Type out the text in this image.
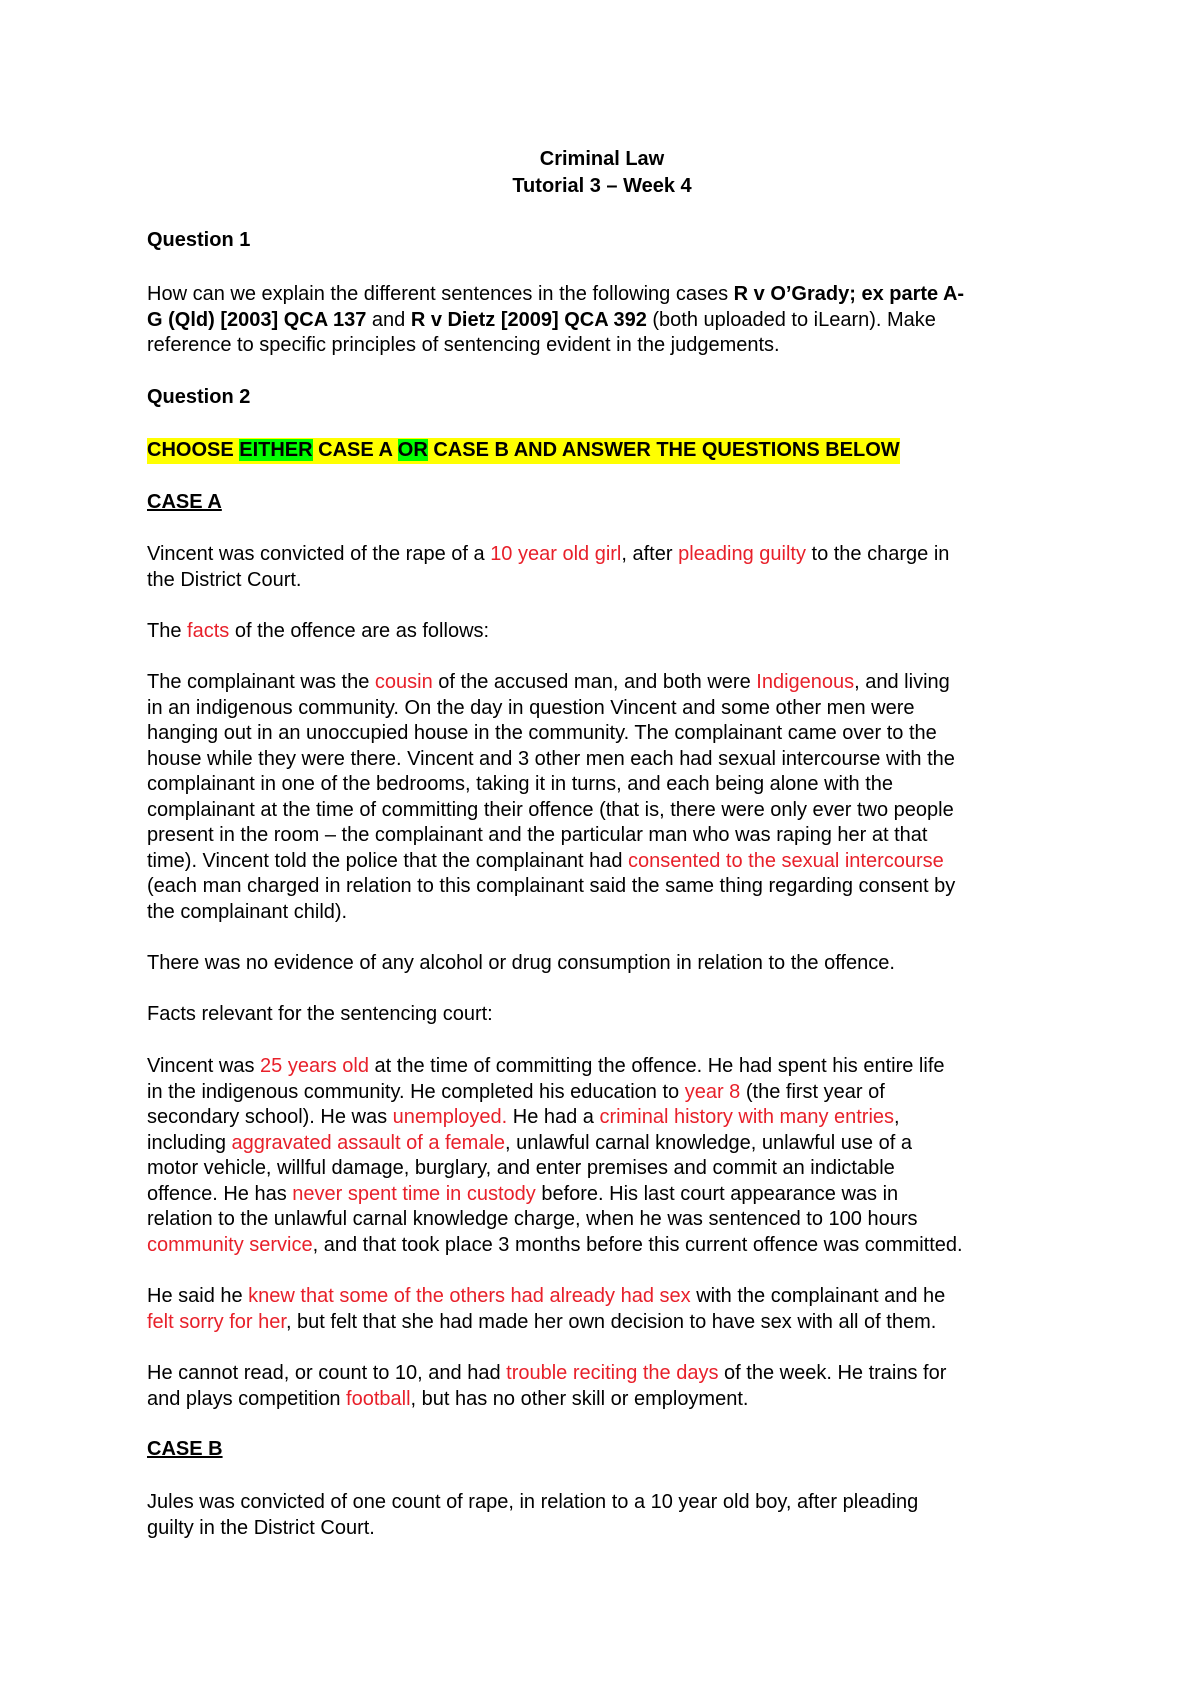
Criminal Law
Tutorial 3 – Week 4
Question 1
How can we explain the different sentences in the following cases R v O’Grady; ex parte A-
G (Qld) [2003] QCA 137 and R v Dietz [2009] QCA 392 (both uploaded to iLearn). Make
reference to specific principles of sentencing evident in the judgements.
Question 2
CHOOSE EITHER CASE A OR CASE B AND ANSWER THE QUESTIONS BELOW
CASE A
Vincent was convicted of the rape of a 10 year old girl, after pleading guilty to the charge in
the District Court.
The facts of the offence are as follows:
The complainant was the cousin of the accused man, and both were Indigenous, and living
in an indigenous community. On the day in question Vincent and some other men were
hanging out in an unoccupied house in the community. The complainant came over to the
house while they were there. Vincent and 3 other men each had sexual intercourse with the
complainant in one of the bedrooms, taking it in turns, and each being alone with the
complainant at the time of committing their offence (that is, there were only ever two people
present in the room – the complainant and the particular man who was raping her at that
time). Vincent told the police that the complainant had consented to the sexual intercourse
(each man charged in relation to this complainant said the same thing regarding consent by
the complainant child).
There was no evidence of any alcohol or drug consumption in relation to the offence.
Facts relevant for the sentencing court:
Vincent was 25 years old at the time of committing the offence. He had spent his entire life
in the indigenous community. He completed his education to year 8 (the first year of
secondary school). He was unemployed. He had a criminal history with many entries,
including aggravated assault of a female, unlawful carnal knowledge, unlawful use of a
motor vehicle, willful damage, burglary, and enter premises and commit an indictable
offence. He has never spent time in custody before. His last court appearance was in
relation to the unlawful carnal knowledge charge, when he was sentenced to 100 hours
community service, and that took place 3 months before this current offence was committed.
He said he knew that some of the others had already had sex with the complainant and he
felt sorry for her, but felt that she had made her own decision to have sex with all of them.
He cannot read, or count to 10, and had trouble reciting the days of the week. He trains for
and plays competition football, but has no other skill or employment.
CASE B
Jules was convicted of one count of rape, in relation to a 10 year old boy, after pleading
guilty in the District Court.
